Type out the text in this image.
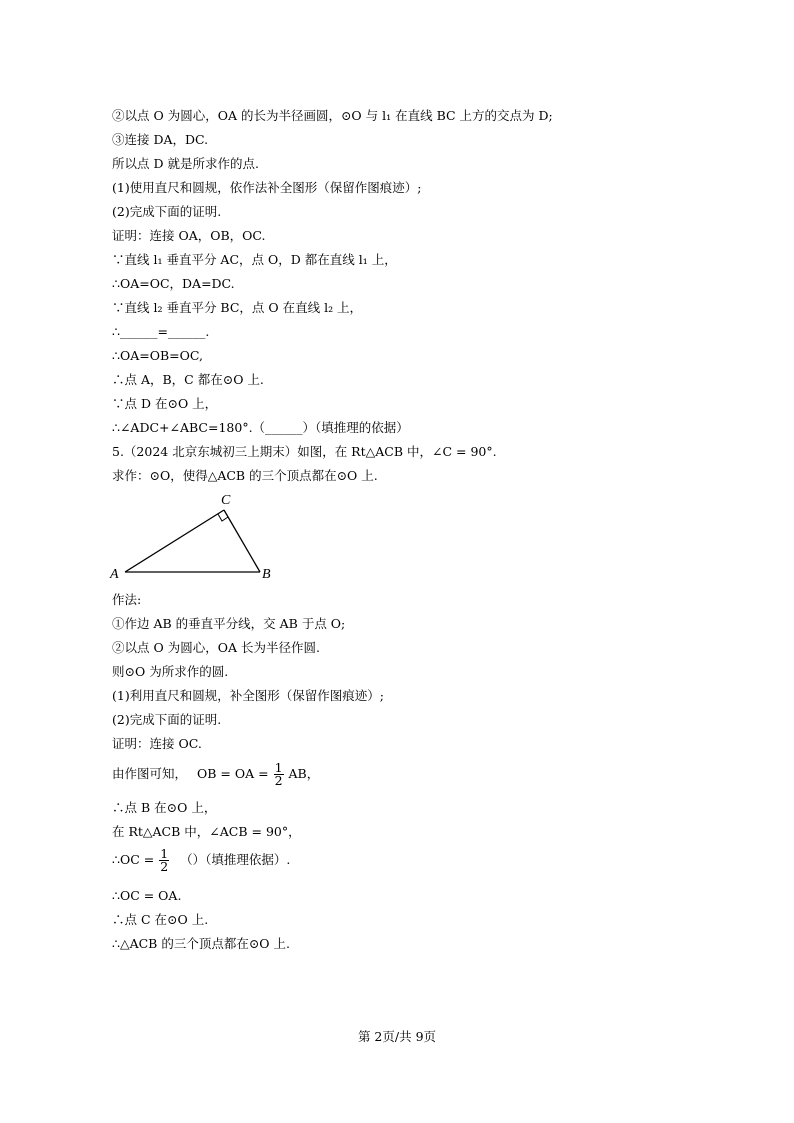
②以点 O 为圆心，OA 的长为半径画圆，⊙O 与 l₁ 在直线 BC 上方的交点为 D;
③连接 DA，DC.
所以点 D 就是所求作的点.
(1)使用直尺和圆规，依作法补全图形（保留作图痕迹）;
(2)完成下面的证明.
证明：连接 OA，OB，OC.
∵直线 l₁ 垂直平分 AC，点 O，D 都在直线 l₁ 上，
∴OA=OC，DA=DC.
∵直线 l₂ 垂直平分 BC，点 O 在直线 l₂ 上，
∴______=______.
∴OA=OB=OC,
∴点 A，B，C 都在⊙O 上.
∵点 D 在⊙O 上，
∴∠ADC+∠ABC=180°.（______）（填推理的依据）
5.（2024 北京东城初三上期末）如图，在 Rt△ACB 中，∠C = 90°.
求作：⊙O，使得△ACB 的三个顶点都在⊙O 上.
A	B
C
作法:
①作边 AB 的垂直平分线，交 AB 于点 O;
②以点 O 为圆心，OA 长为半径作圆.
则⊙O 为所求作的圆.
(1)利用直尺和圆规，补全图形（保留作图痕迹）;
(2)完成下面的证明.
证明：连接 OC.
由作图可知， OB = OA = $\frac{1}{2}$ AB，
∴点 B 在⊙O 上，
在 Rt△ACB 中，∠ACB = 90°，
∴OC = $\frac{1}{2}$ （）（填推理依据）.
∴OC = OA.
∴点 C 在⊙O 上.
∴△ACB 的三个顶点都在⊙O 上.
第 2页/共 9页
